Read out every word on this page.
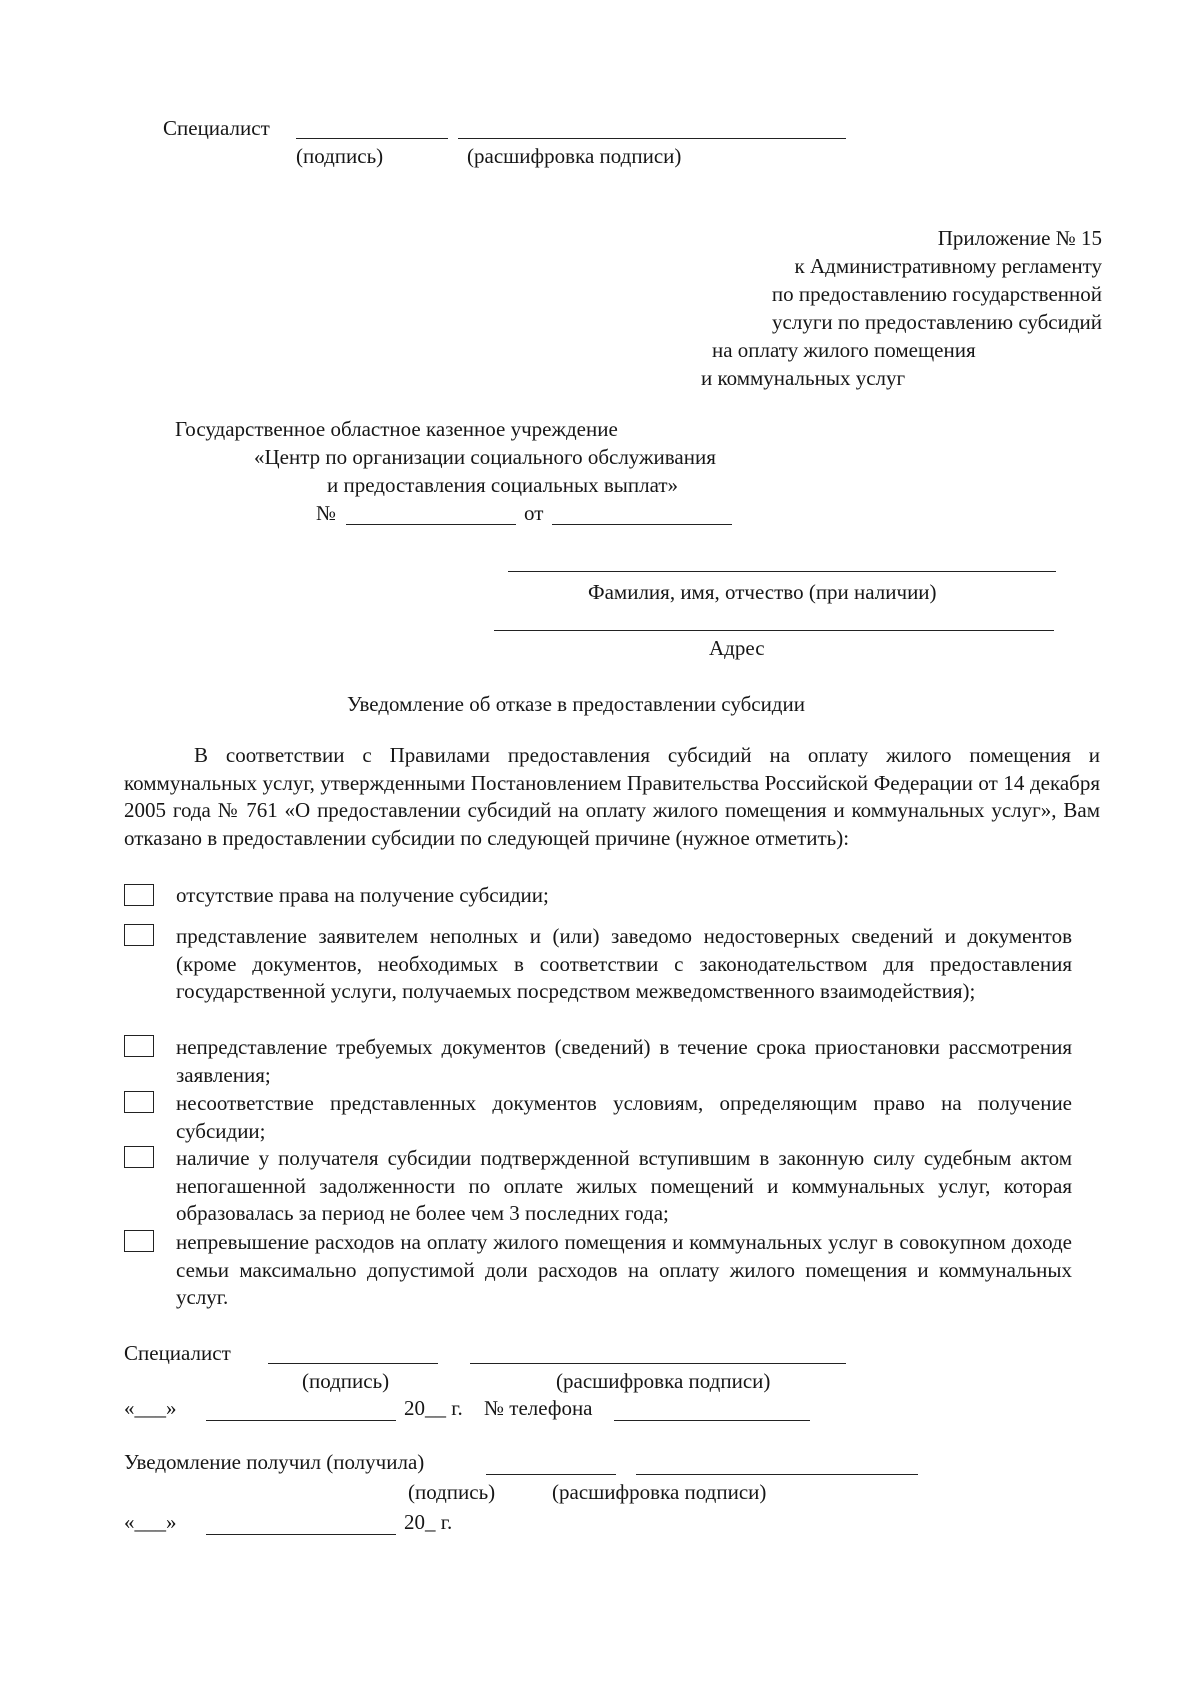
Специалист
(подпись)	(расшифровка подписи)
Приложение № 15
к Административному регламенту
по предоставлению государственной
услуги по предоставлению субсидий
на оплату жилого помещения
и коммунальных услуг
Государственное областное казенное учреждение
«Центр по организации социального обслуживания
и предоставления социальных выплат»
№	от
Фамилия, имя, отчество (при наличии)
Адрес
Уведомление об отказе в предоставлении субсидии
В соответствии с Правилами предоставления субсидий на оплату жилого помещения и коммунальных услуг, утвержденными Постановлением Правительства Российской Федерации от 14 декабря 2005 года № 761 «О предоставлении субсидий на оплату жилого помещения и коммунальных услуг», Вам отказано в предоставлении субсидии по следующей причине (нужное отметить):
отсутствие права на получение субсидии;
представление заявителем неполных и (или) заведомо недостоверных сведений и документов (кроме документов, необходимых в соответствии с законодательством для предоставления государственной услуги, получаемых посредством межведомственного взаимодействия);
непредставление требуемых документов (сведений) в течение срока приостановки рассмотрения заявления;
несоответствие представленных документов условиям, определяющим право на получение субсидии;
наличие у получателя субсидии подтвержденной вступившим в законную силу судебным актом непогашенной задолженности по оплате жилых помещений и коммунальных услуг, которая образовалась за период не более чем 3 последних года;
непревышение расходов на оплату жилого помещения и коммунальных услуг в совокупном доходе семьи максимально допустимой доли расходов на оплату жилого помещения и коммунальных услуг.
Специалист
(подпись)	(расшифровка подписи)
«___»	20__ г. № телефона
Уведомление получил (получила)
(подпись)	(расшифровка подписи)
«___»	20_ г.
